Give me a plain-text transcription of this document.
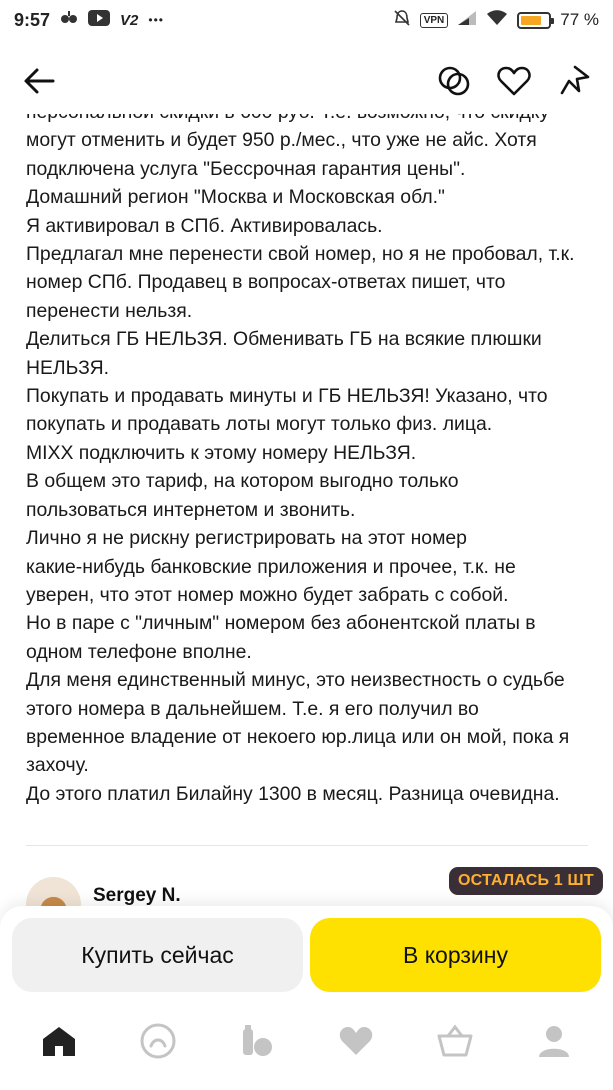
9:57	V2 •••	VPN	77 %
могут отменить и будет 950 р./мес., что уже не айс. Хотя
подключена услуга "Бессрочная гарантия цены".
Домашний регион "Москва и Московская обл."
Я активировал в СПб. Активировалась.
Предлагал мне перенести свой номер, но я не пробовал, т.к.
номер СПб. Продавец в вопросах-ответах пишет, что
перенести нельзя.
Делиться ГБ НЕЛЬЗЯ. Обменивать ГБ на всякие плюшки
НЕЛЬЗЯ.
Покупать и продавать минуты и ГБ НЕЛЬЗЯ! Указано, что
покупать и продавать лоты могут только физ. лица.
MIXX подключить к этому номеру НЕЛЬЗЯ.
В общем это тариф, на котором выгодно только
пользоваться интернетом и звонить.
Лично я не рискну регистрировать на этот номер
какие-нибудь банковские приложения и прочее, т.к. не
уверен, что этот номер можно будет забрать с собой.
Но в паре с "личным" номером без абонентской платы в
одном телефоне вполне.
Для меня единственный минус, это неизвестность о судьбе
этого номера в дальнейшем. Т.е. я его получил во
временное владение от некоего юр.лица или он мой, пока я
захочу.
До этого платил Билайну 1300 в месяц. Разница очевидна.
Sergey N.
ОСТАЛАСЬ 1 ШТ
Купить сейчас	В корзину
